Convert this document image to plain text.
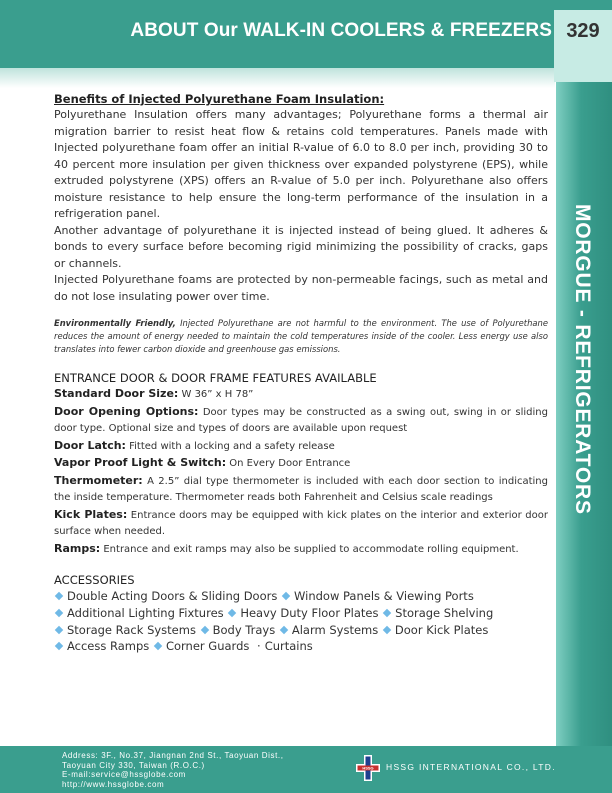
ABOUT Our WALK-IN COOLERS & FREEZERS 329
MORGUE - REFRIGERATORS

Benefits of Injected Polyurethane Foam Insulation:

Polyurethane Insulation offers many advantages; Polyurethane forms a thermal air migration barrier to resist heat flow & retains cold temperatures. Panels made with Injected polyurethane foam offer an initial R-value of 6.0 to 8.0 per inch, providing 30 to 40 percent more insulation per given thickness over expanded polystyrene (EPS), while extruded polystyrene (XPS) offers an R-value of 5.0 per inch. Polyurethane also offers moisture resistance to help ensure the long-term performance of the insulation in a refrigeration panel.

Another advantage of polyurethane it is injected instead of being glued. It adheres & bonds to every surface before becoming rigid minimizing the possibility of cracks, gaps or channels.

Injected Polyurethane foams are protected by non-permeable facings, such as metal and do not lose insulating power over time.

Environmentally Friendly, Injected Polyurethane are not harmful to the environment. The use of Polyurethane reduces the amount of energy needed to maintain the cold temperatures inside of the cooler. Less energy use also translates into fewer carbon dioxide and greenhouse gas emissions.

ENTRANCE DOOR & DOOR FRAME FEATURES AVAILABLE

Standard Door Size: W 36” x H 78”

Door Opening Options: Door types may be constructed as a swing out, swing in or sliding door type. Optional size and types of doors are available upon request

Door Latch: Fitted with a locking and a safety release

Vapor Proof Light & Switch: On Every Door Entrance

Thermometer: A 2.5” dial type thermometer is included with each door section to indicating the inside temperature. Thermometer reads both Fahrenheit and Celsius scale readings

Kick Plates: Entrance doors may be equipped with kick plates on the interior and exterior door surface when needed.

Ramps: Entrance and exit ramps may also be supplied to accommodate rolling equipment.

ACCESSORIES

Double Acting Doors & Sliding Doors Window Panels & Viewing Ports
Additional Lighting Fixtures Heavy Duty Floor Plates Storage Shelving
Storage Rack Systems Body Trays Alarm Systems Door Kick Plates
Access Ramps Corner Guards · Curtains
Address: 3F., No.37, Jiangnan 2nd St., Taoyuan Dist.,
Taoyuan City 330, Taiwan (R.O.C.)
E-mail:service@hssglobe.com
http://www.hssglobe.com
HSSG HSSG INTERNATIONAL CO., LTD.
